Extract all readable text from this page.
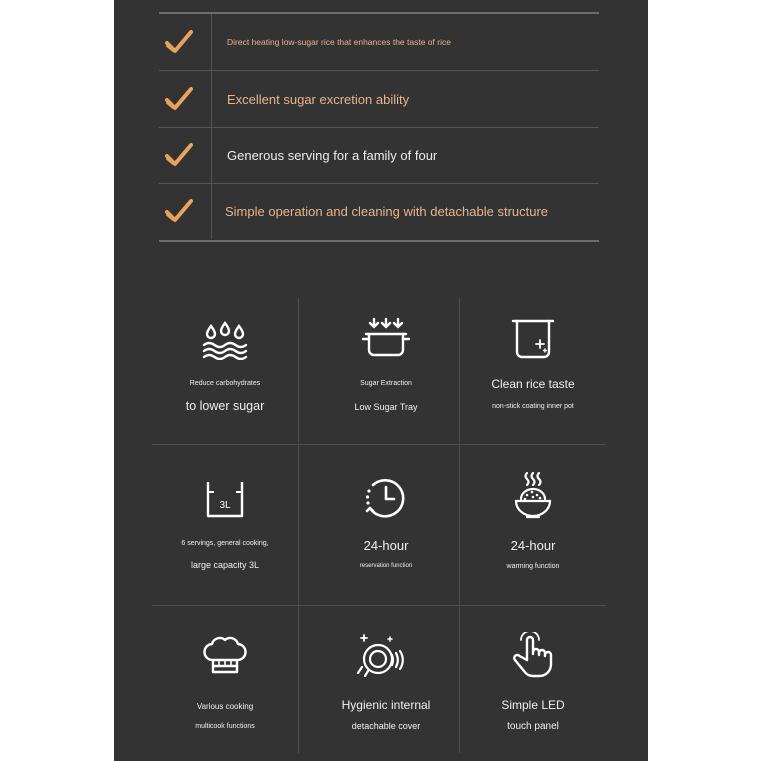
Direct heating low-sugar rice that enhances the taste of rice
Excellent sugar excretion ability
Generous serving for a family of four
Simple operation and cleaning with detachable structure
Reduce carbohydrates
to lower sugar
Sugar Extraction
Low Sugar Tray
Clean rice taste
non-stick coating inner pot
3L
6 servings, general cooking,
large capacity 3L
24-hour
reservation function
24-hour
warming function
Various cooking
multicook functions
Hygienic internal
detachable cover
Simple LED
touch panel
